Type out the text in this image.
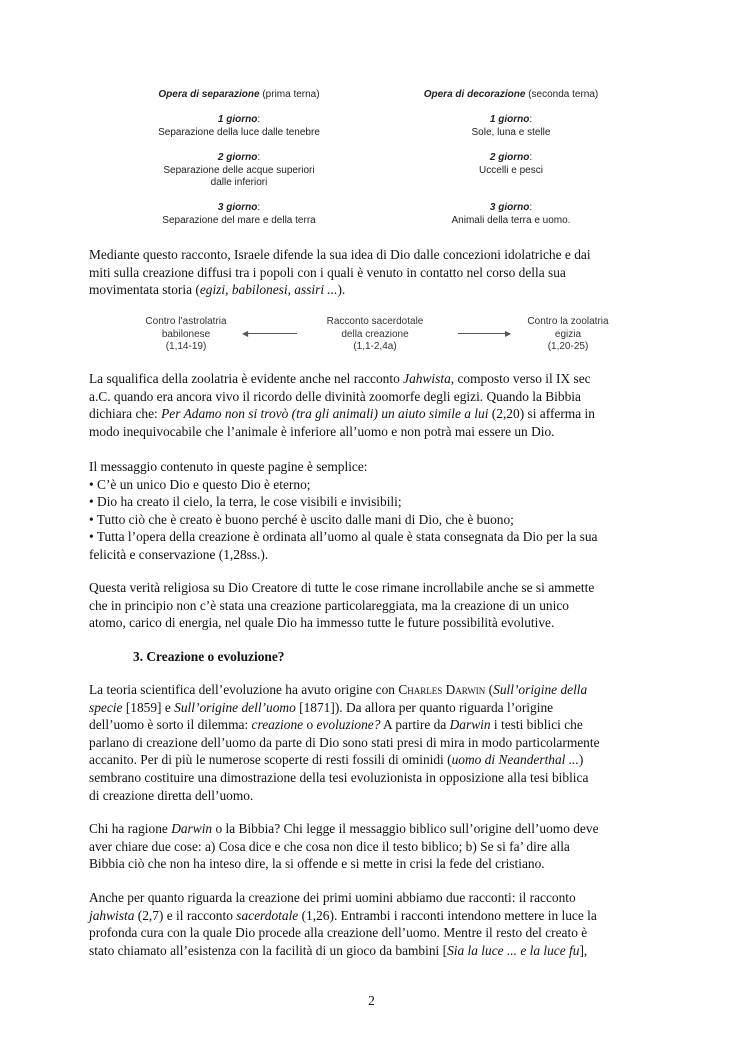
Opera di separazione (prima terna)
1 giorno:
Separazione della luce dalle tenebre
2 giorno:
Separazione delle acque superiori
dalle inferiori
3 giorno:
Separazione del mare e della terra
Opera di decorazione (seconda terna)
1 giorno:
Sole, luna e stelle
2 giorno:
Uccelli e pesci
3 giorno:
Animali della terra e uomo.
Mediante questo racconto, Israele difende la sua idea di Dio dalle concezioni idolatriche e dai
miti sulla creazione diffusi tra i popoli con i quali è venuto in contatto nel corso della sua
movimentata storia (egizi, babilonesi, assiri ...).
Contro l’astrolatria
babilonese
(1,14-19)
Racconto sacerdotale
della creazione
(1,1-2,4a)
Contro la zoolatria
egizia
(1,20-25)
◀	▶
La squalifica della zoolatria è evidente anche nel racconto Jahwista, composto verso il IX sec
a.C. quando era ancora vivo il ricordo delle divinità zoomorfe degli egizi. Quando la Bibbia
dichiara che: Per Adamo non si trovò (tra gli animali) un aiuto simile a lui (2,20) si afferma in
modo inequivocabile che l’animale è inferiore all’uomo e non potrà mai essere un Dio.
Il messaggio contenuto in queste pagine è semplice:
• C’è un unico Dio e questo Dio è eterno;
• Dio ha creato il cielo, la terra, le cose visibili e invisibili;
• Tutto ciò che è creato è buono perché è uscito dalle mani di Dio, che è buono;
• Tutta l’opera della creazione è ordinata all’uomo al quale è stata consegnata da Dio per la sua
felicità e conservazione (1,28ss.).
Questa verità religiosa su Dio Creatore di tutte le cose rimane incrollabile anche se si ammette
che in principio non c’è stata una creazione particolareggiata, ma la creazione di un unico
atomo, carico di energia, nel quale Dio ha immesso tutte le future possibilità evolutive.
3. Creazione o evoluzione?
La teoria scientifica dell’evoluzione ha avuto origine con Charles Darwin (Sull’origine della
specie [1859] e Sull’origine dell’uomo [1871]). Da allora per quanto riguarda l’origine
dell’uomo è sorto il dilemma: creazione o evoluzione? A partire da Darwin i testi biblici che
parlano di creazione dell’uomo da parte di Dio sono stati presi di mira in modo particolarmente
accanito. Per di più le numerose scoperte di resti fossili di ominidi (uomo di Neanderthal ...)
sembrano costituire una dimostrazione della tesi evoluzionista in opposizione alla tesi biblica
di creazione diretta dell’uomo.
Chi ha ragione Darwin o la Bibbia? Chi legge il messaggio biblico sull’origine dell’uomo deve
aver chiare due cose: a) Cosa dice e che cosa non dice il testo biblico; b) Se si fa’ dire alla
Bibbia ciò che non ha inteso dire, la si offende e si mette in crisi la fede del cristiano.
Anche per quanto riguarda la creazione dei primi uomini abbiamo due racconti: il racconto
jahwista (2,7) e il racconto sacerdotale (1,26). Entrambi i racconti intendono mettere in luce la
profonda cura con la quale Dio procede alla creazione dell’uomo. Mentre il resto del creato è
stato chiamato all’esistenza con la facilità di un gioco da bambini [Sia la luce ... e la luce fu],
2
